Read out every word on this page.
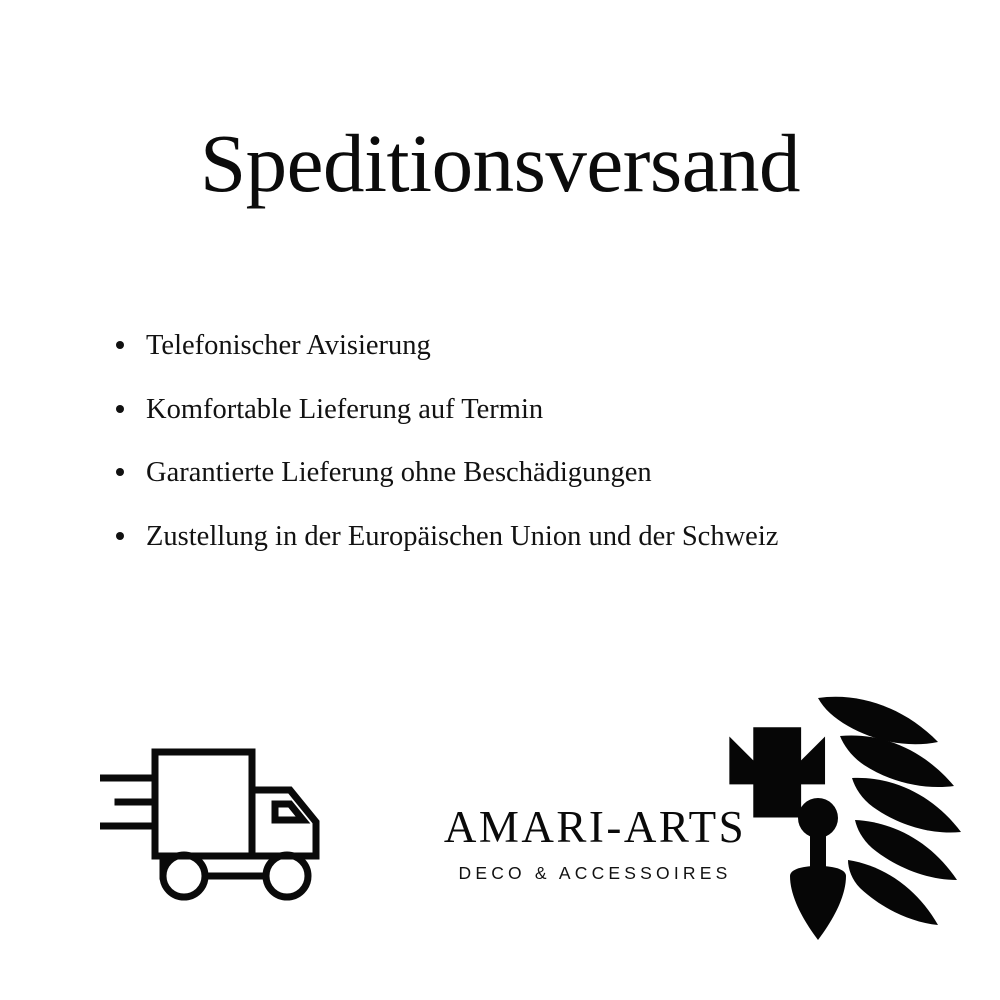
Speditionsversand
Telefonischer Avisierung
Komfortable Lieferung auf Termin
Garantierte Lieferung ohne Beschädigungen
Zustellung in der Europäischen Union und der Schweiz
AMARI-ARTS
DECO & ACCESSOIRES
